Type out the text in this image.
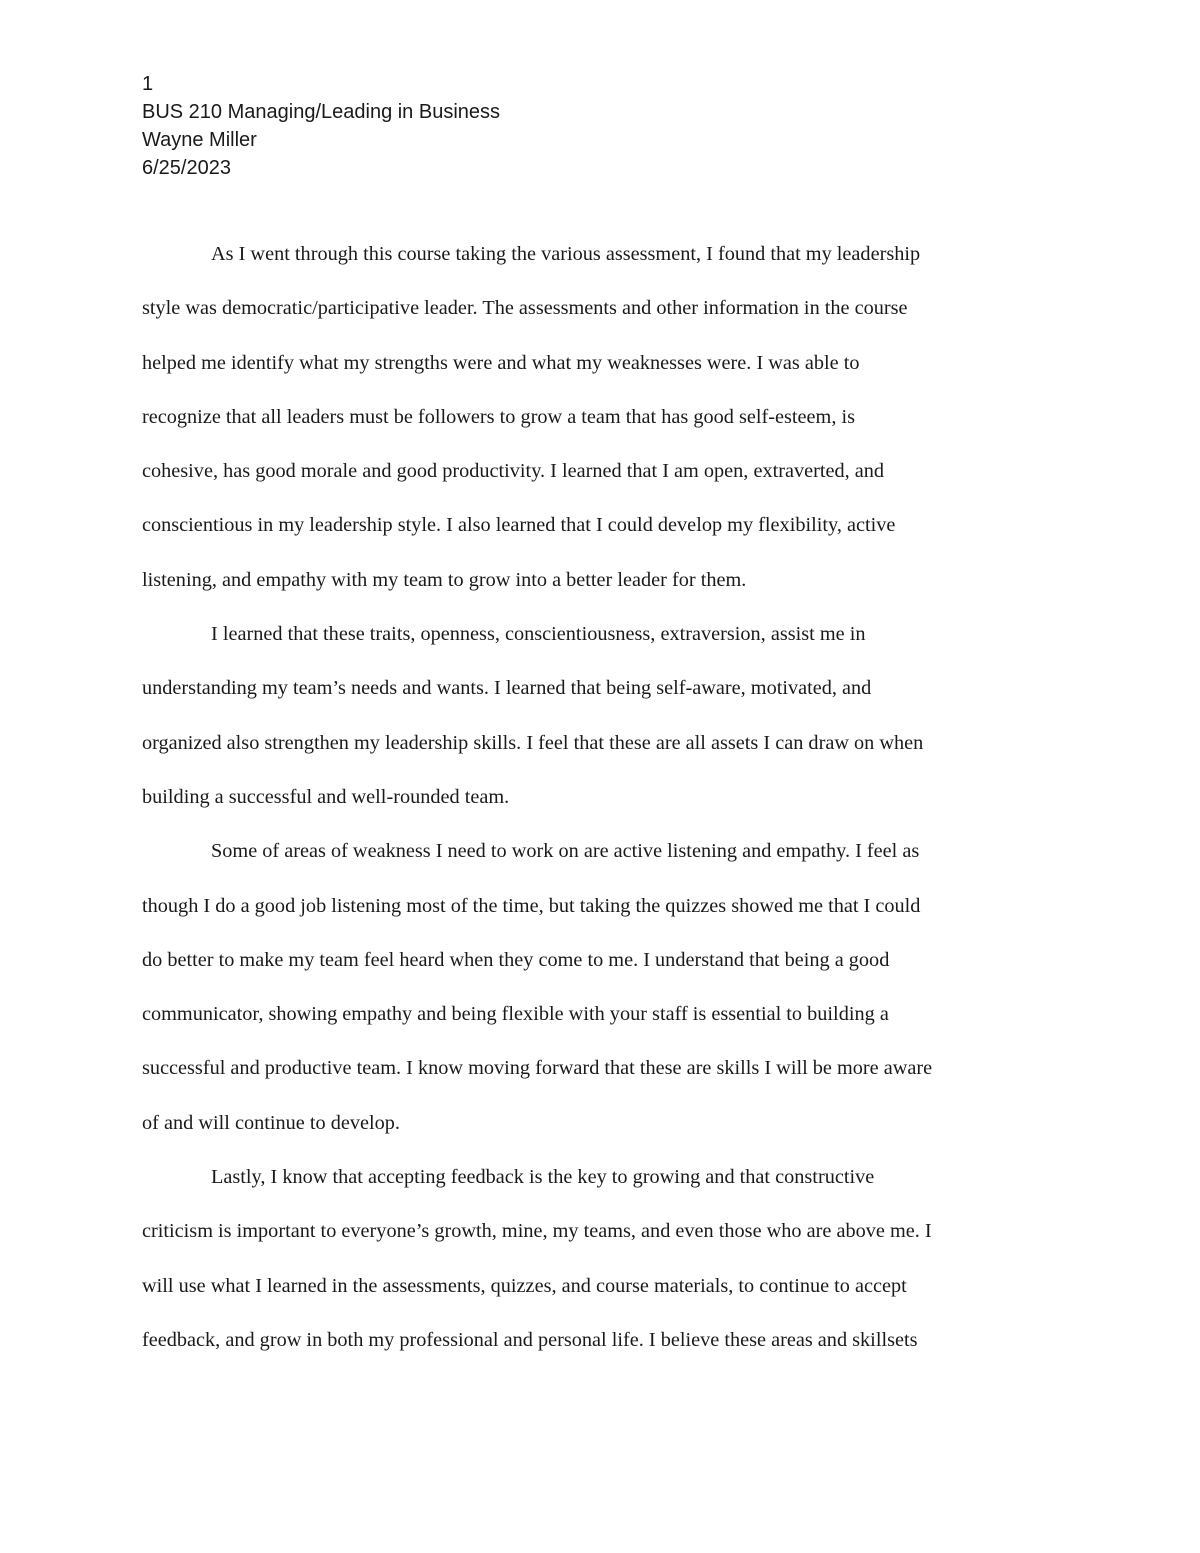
1
BUS 210 Managing/Leading in Business
Wayne Miller
6/25/2023
As I went through this course taking the various assessment, I found that my leadership
style was democratic/participative leader. The assessments and other information in the course
helped me identify what my strengths were and what my weaknesses were. I was able to
recognize that all leaders must be followers to grow a team that has good self-esteem, is
cohesive, has good morale and good productivity. I learned that I am open, extraverted, and
conscientious in my leadership style. I also learned that I could develop my flexibility, active
listening, and empathy with my team to grow into a better leader for them.
I learned that these traits, openness, conscientiousness, extraversion, assist me in
understanding my team’s needs and wants. I learned that being self-aware, motivated, and
organized also strengthen my leadership skills. I feel that these are all assets I can draw on when
building a successful and well-rounded team.
Some of areas of weakness I need to work on are active listening and empathy. I feel as
though I do a good job listening most of the time, but taking the quizzes showed me that I could
do better to make my team feel heard when they come to me. I understand that being a good
communicator, showing empathy and being flexible with your staff is essential to building a
successful and productive team. I know moving forward that these are skills I will be more aware
of and will continue to develop.
Lastly, I know that accepting feedback is the key to growing and that constructive
criticism is important to everyone’s growth, mine, my teams, and even those who are above me. I
will use what I learned in the assessments, quizzes, and course materials, to continue to accept
feedback, and grow in both my professional and personal life. I believe these areas and skillsets
